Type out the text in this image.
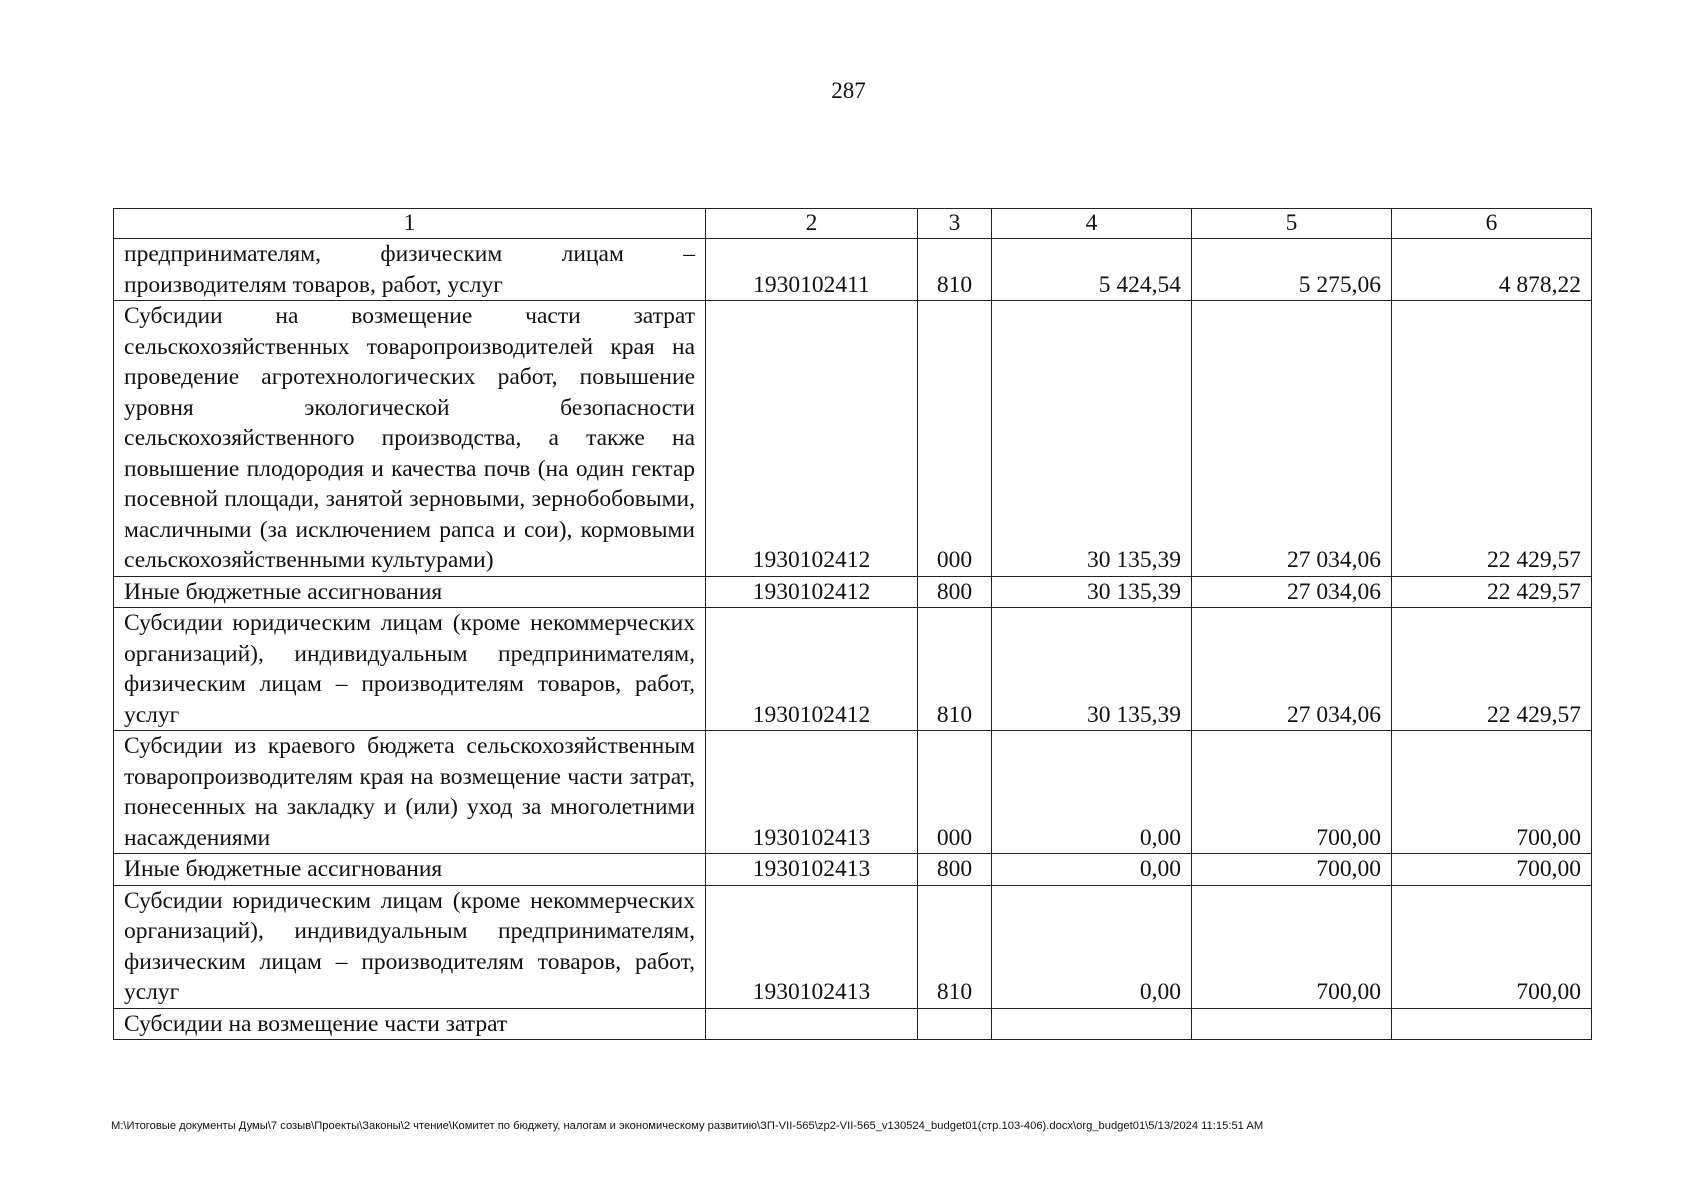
287
1	2	3	4	5	6
предпринимателям, физическим лицам – производителям товаров, работ, услуг	1930102411	810	5 424,54	5 275,06	4 878,22
Субсидии на возмещение части затрат сельскохозяйственных товаропроизводителей края на проведение агротехнологических работ, повышение уровня экологической безопасности сельскохозяйственного производства, а также на повышение плодородия и качества почв (на один гектар посевной площади, занятой зерновыми, зернобобовыми, масличными (за исключением рапса и сои), кормовыми сельскохозяйственными культурами)	1930102412	000	30 135,39	27 034,06	22 429,57
Иные бюджетные ассигнования	1930102412	800	30 135,39	27 034,06	22 429,57
Субсидии юридическим лицам (кроме некоммерческих организаций), индивидуальным предпринимателям, физическим лицам – производителям товаров, работ, услуг	1930102412	810	30 135,39	27 034,06	22 429,57
Субсидии из краевого бюджета сельскохозяйственным товаропроизводителям края на возмещение части затрат, понесенных на закладку и (или) уход за многолетними насаждениями	1930102413	000	0,00	700,00	700,00
Иные бюджетные ассигнования	1930102413	800	0,00	700,00	700,00
Субсидии юридическим лицам (кроме некоммерческих организаций), индивидуальным предпринимателям, физическим лицам – производителям товаров, работ, услуг	1930102413	810	0,00	700,00	700,00
Субсидии на возмещение части затрат					
M:\Итоговые документы Думы\7 созыв\Проекты\Законы\2 чтение\Комитет по бюджету, налогам и экономическому развитию\ЗП-VII-565\zp2-VII-565_v130524_budget01(стр.103-406).docx\org_budget01\5/13/2024 11:15:51 AM
